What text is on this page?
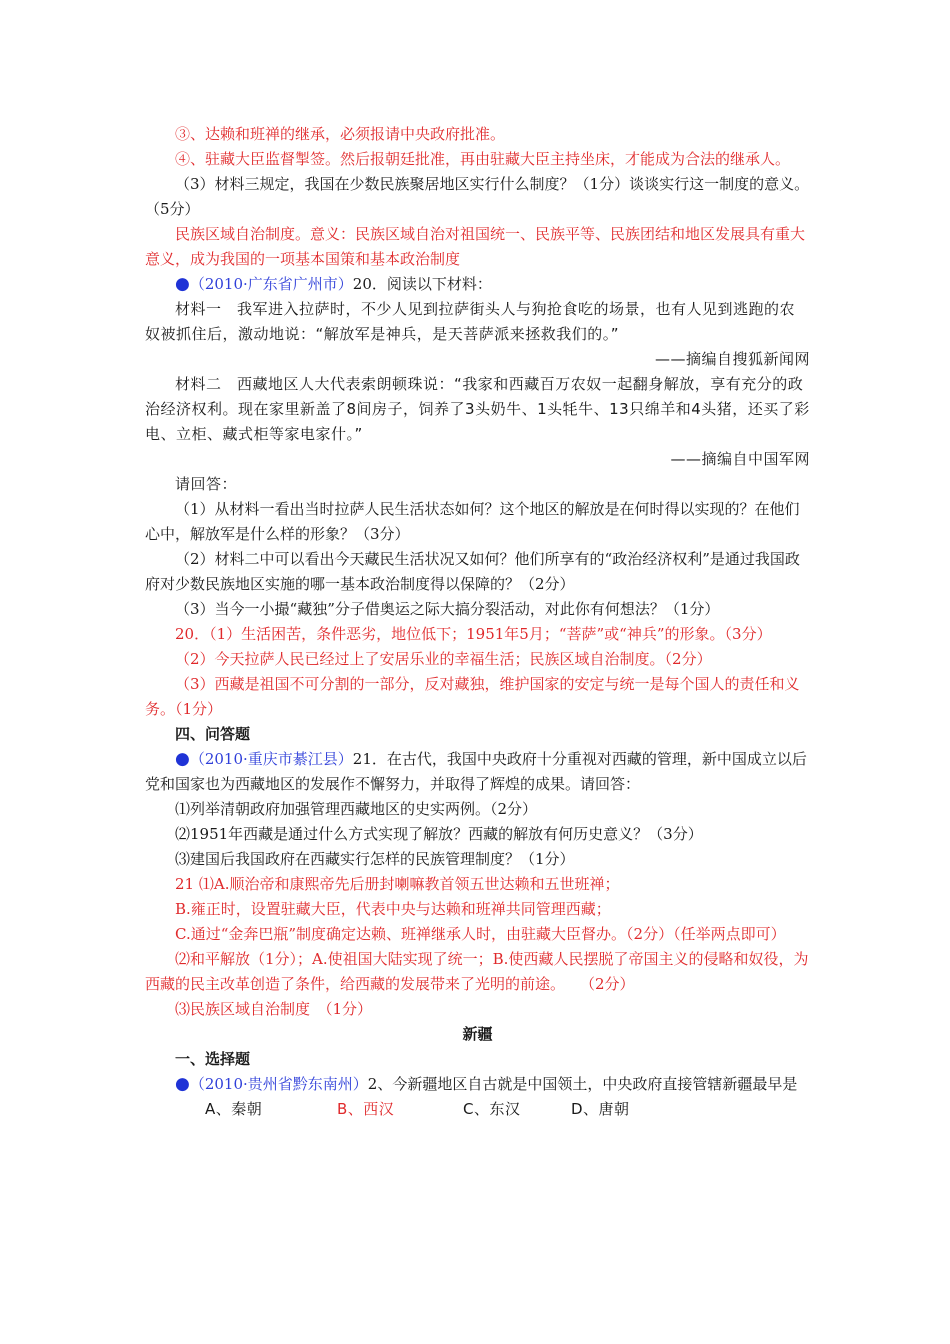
③、达赖和班禅的继承，必须报请中央政府批准。

④、驻藏大臣监督掣签。然后报朝廷批准，再由驻藏大臣主持坐床，才能成为合法的继承人。

（3）材料三规定，我国在少数民族聚居地区实行什么制度？（1分）谈谈实行这一制度的意义。（5分）

民族区域自治制度。意义：民族区域自治对祖国统一、民族平等、民族团结和地区发展具有重大意义，成为我国的一项基本国策和基本政治制度

●（2010·广东省广州市）20．阅读以下材料：

材料一　我军进入拉萨时，不少人见到拉萨街头人与狗抢食吃的场景，也有人见到逃跑的农奴被抓住后，激动地说：“解放军是神兵，是天菩萨派来拯救我们的。”

——摘编自搜狐新闻网

材料二　西藏地区人大代表索朗顿珠说：“我家和西藏百万农奴一起翻身解放，享有充分的政治经济权利。现在家里新盖了8间房子，饲养了3头奶牛、1头牦牛、13只绵羊和4头猪，还买了彩电、立柜、藏式柜等家电家什。”

——摘编自中国军网

请回答：

（1）从材料一看出当时拉萨人民生活状态如何？这个地区的解放是在何时得以实现的？在他们心中，解放军是什么样的形象？（3分）

（2）材料二中可以看出今天藏民生活状况又如何？他们所享有的“政治经济权利”是通过我国政府对少数民族地区实施的哪一基本政治制度得以保障的？（2分）

（3）当今一小撮“藏独”分子借奥运之际大搞分裂活动，对此你有何想法？（1分）

20．（1）生活困苦，条件恶劣，地位低下；1951年5月；“菩萨”或“神兵”的形象。（3分）

（2）今天拉萨人民已经过上了安居乐业的幸福生活；民族区域自治制度。（2分）

（3）西藏是祖国不可分割的一部分，反对藏独，维护国家的安定与统一是每个国人的责任和义务。（1分）

四、问答题

●（2010·重庆市綦江县）21．在古代，我国中央政府十分重视对西藏的管理，新中国成立以后党和国家也为西藏地区的发展作不懈努力，并取得了辉煌的成果。请回答：

⑴列举清朝政府加强管理西藏地区的史实两例。（2分）

⑵1951年西藏是通过什么方式实现了解放？西藏的解放有何历史意义？（3分）

⑶建国后我国政府在西藏实行怎样的民族管理制度？（1分）

21 ⑴A.顺治帝和康熙帝先后册封喇嘛教首领五世达赖和五世班禅；

B.雍正时，设置驻藏大臣，代表中央与达赖和班禅共同管理西藏；

C.通过“金奔巴瓶”制度确定达赖、班禅继承人时，由驻藏大臣督办。（2分）（任举两点即可）

⑵和平解放（1分）；A.使祖国大陆实现了统一；B.使西藏人民摆脱了帝国主义的侵略和奴役，为西藏的民主改革创造了条件，给西藏的发展带来了光明的前途。　　（2分）

⑶民族区域自治制度　（1分）

新疆

一、选择题

●（2010·贵州省黔东南州）2、今新疆地区自古就是中国领土，中央政府直接管辖新疆最早是

A、秦朝	B、西汉	C、东汉	D、唐朝
